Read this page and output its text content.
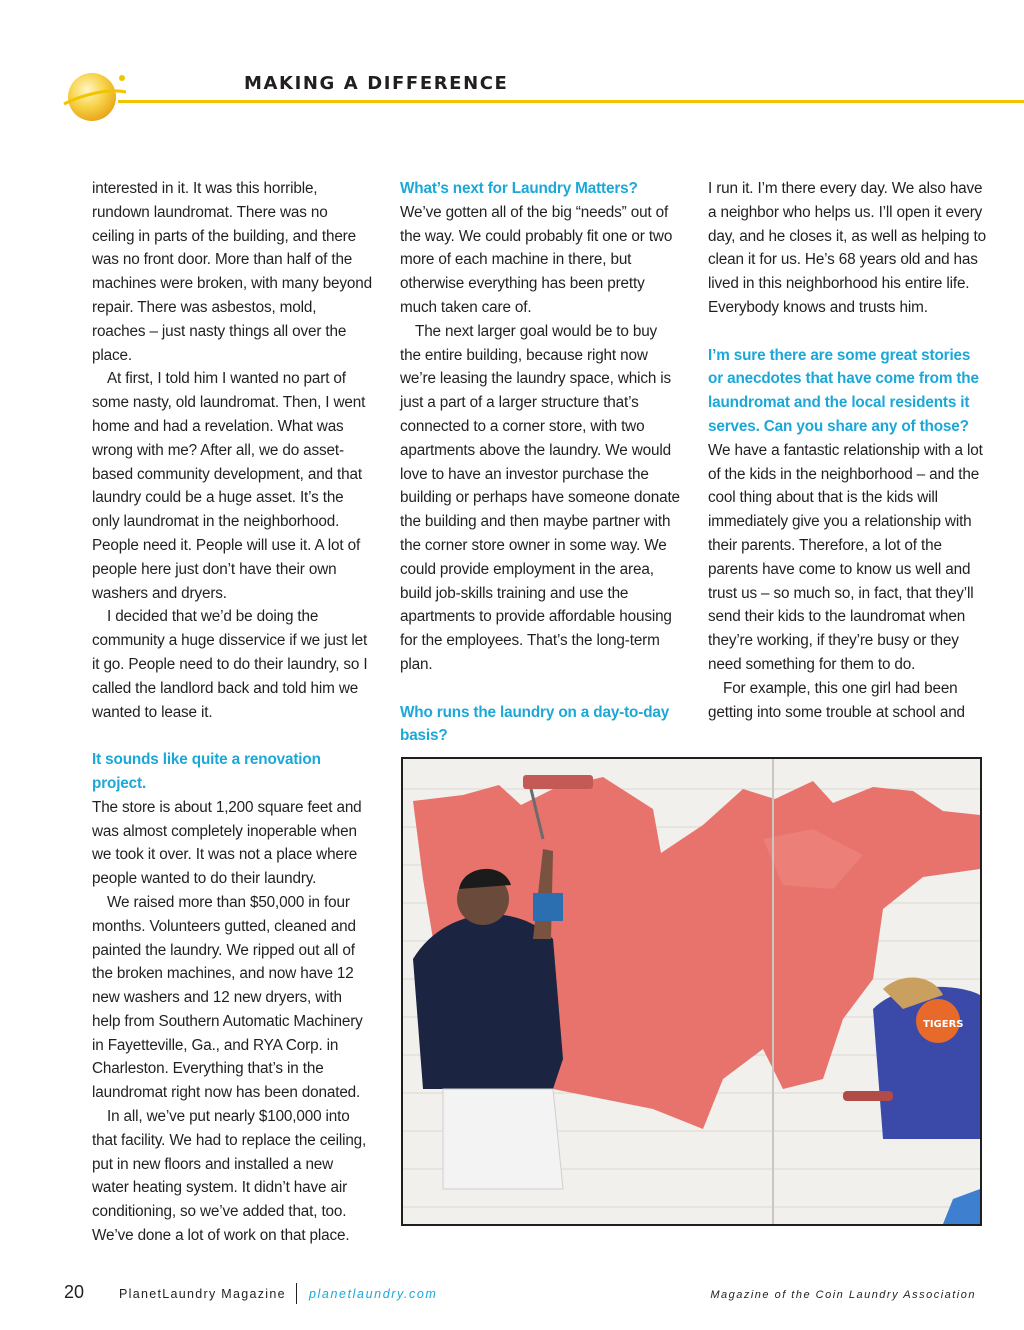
MAKING A DIFFERENCE

interested in it. It was this horrible, rundown laundromat. There was no ceiling in parts of the building, and there was no front door. More than half of the machines were broken, with many beyond repair. There was asbestos, mold, roaches – just nasty things all over the place.

At first, I told him I wanted no part of some nasty, old laundromat. Then, I went home and had a revelation. What was wrong with me? After all, we do asset-based community development, and that laundry could be a huge asset. It’s the only laundromat in the neighborhood. People need it. People will use it. A lot of people here just don’t have their own washers and dryers.

I decided that we’d be doing the community a huge disservice if we just let it go. People need to do their laundry, so I called the landlord back and told him we wanted to lease it.

It sounds like quite a renovation project.

The store is about 1,200 square feet and was almost completely inoperable when we took it over. It was not a place where people wanted to do their laundry.

We raised more than $50,000 in four months. Volunteers gutted, cleaned and painted the laundry. We ripped out all of the broken machines, and now have 12 new washers and 12 new dryers, with help from Southern Automatic Machinery in Fayetteville, Ga., and RYA Corp. in Charleston. Everything that’s in the laundromat right now has been donated.

In all, we’ve put nearly $100,000 into that facility. We had to replace the ceiling, put in new floors and installed a new water heating system. It didn’t have air conditioning, so we’ve added that, too. We’ve done a lot of work on that place.

What’s next for Laundry Matters?

We’ve gotten all of the big “needs” out of the way. We could probably fit one or two more of each machine in there, but otherwise everything has been pretty much taken care of.

The next larger goal would be to buy the entire building, because right now we’re leasing the laundry space, which is just a part of a larger structure that’s connected to a corner store, with two apartments above the laundry. We would love to have an investor purchase the building or perhaps have someone donate the building and then maybe partner with the corner store owner in some way. We could provide employment in the area, build job-skills training and use the apartments to provide affordable housing for the employees. That’s the long-term plan.

Who runs the laundry on a day-to-day basis?

I run it. I’m there every day. We also have a neighbor who helps us. I’ll open it every day, and he closes it, as well as helping to clean it for us. He’s 68 years old and has lived in this neighborhood his entire life. Everybody knows and trusts him.

I’m sure there are some great stories or anecdotes that have come from the laundromat and the local residents it serves. Can you share any of those?

We have a fantastic relationship with a lot of the kids in the neighborhood – and the cool thing about that is the kids will immediately give you a relationship with their parents. Therefore, a lot of the parents have come to know us well and trust us – so much so, in fact, that they’ll send their kids to the laundromat when they’re working, if they’re busy or they need something for them to do.

For example, this one girl had been getting into some trouble at school and

TIGERS
20	PlanetLaundry Magazine planetlaundry.com	Magazine of the Coin Laundry Association
